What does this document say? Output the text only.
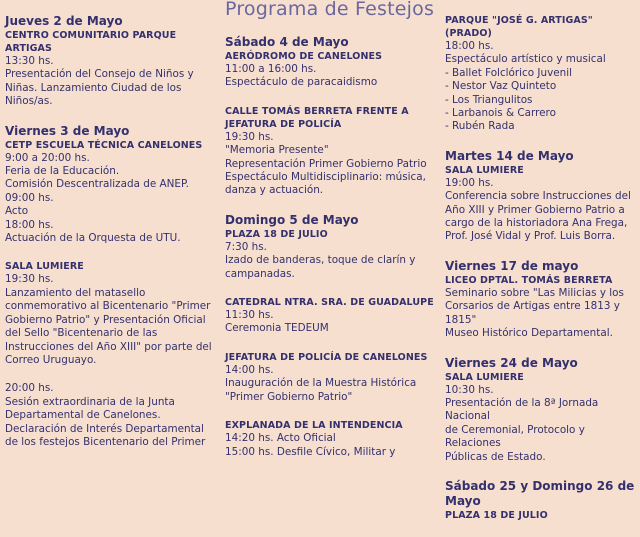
Programa de Festejos
Jueves 2 de Mayo
CENTRO COMUNITARIO PARQUE ARTIGAS
13:30 hs.
Presentación del Consejo de Niños y
Niñas. Lanzamiento Ciudad de los
Niños/as.
Viernes 3 de Mayo
CETP ESCUELA TÉCNICA CANELONES
9:00 a 20:00 hs.
Feria de la Educación.
Comisión Descentralizada de ANEP.
09:00 hs.
Acto
18:00 hs.
Actuación de la Orquesta de UTU.
SALA LUMIERE
19:30 hs.
Lanzamiento del matasello
conmemorativo al Bicentenario "Primer
Gobierno Patrio" y Presentación Oficial
del Sello "Bicentenario de las
Instrucciones del Año XIII" por parte del
Correo Uruguayo.
20:00 hs.
Sesión extraordinaria de la Junta
Departamental de Canelones.
Declaración de Interés Departamental
de los festejos Bicentenario del Primer
Sábado 4 de Mayo
AERÓDROMO DE CANELONES
11:00 a 16:00 hs.
Espectáculo de paracaidismo
CALLE TOMÁS BERRETA FRENTE A
JEFATURA DE POLICÍA
19:30 hs.
"Memoria Presente"
Representación Primer Gobierno Patrio
Espectáculo Multidisciplinario: música,
danza y actuación.
Domingo 5 de Mayo
PLAZA 18 DE JULIO
7:30 hs.
Izado de banderas, toque de clarín y
campanadas.
CATEDRAL NTRA. SRA. DE GUADALUPE
11:30 hs.
Ceremonia TEDEUM
JEFATURA DE POLICÍA DE CANELONES
14:00 hs.
Inauguración de la Muestra Histórica
"Primer Gobierno Patrio"
EXPLANADA DE LA INTENDENCIA
14:20 hs. Acto Oficial
15:00 hs. Desfile Cívico, Militar y
PARQUE "JOSÉ G. ARTIGAS" (PRADO)
18:00 hs.
Espectáculo artístico y musical
- Ballet Folclórico Juvenil
- Nestor Vaz Quinteto
- Los Triangulitos
- Larbanois & Carrero
- Rubén Rada
Martes 14 de Mayo
SALA LUMIERE
19:00 hs.
Conferencia sobre Instrucciones del
Año XIII y Primer Gobierno Patrio a
cargo de la historiadora Ana Frega,
Prof. José Vidal y Prof. Luis Borra.
Viernes 17 de mayo
LICEO DPTAL. TOMÁS BERRETA
Seminario sobre "Las Milicias y los
Corsarios de Artigas entre 1813 y 1815"
Museo Histórico Departamental.
Viernes 24 de Mayo
SALA LUMIERE
10:30 hs.
Presentación de la 8ª Jornada Nacional
de Ceremonial, Protocolo y Relaciones
Públicas de Estado.
Sábado 25 y Domingo 26 de Mayo
PLAZA 18 DE JULIO
